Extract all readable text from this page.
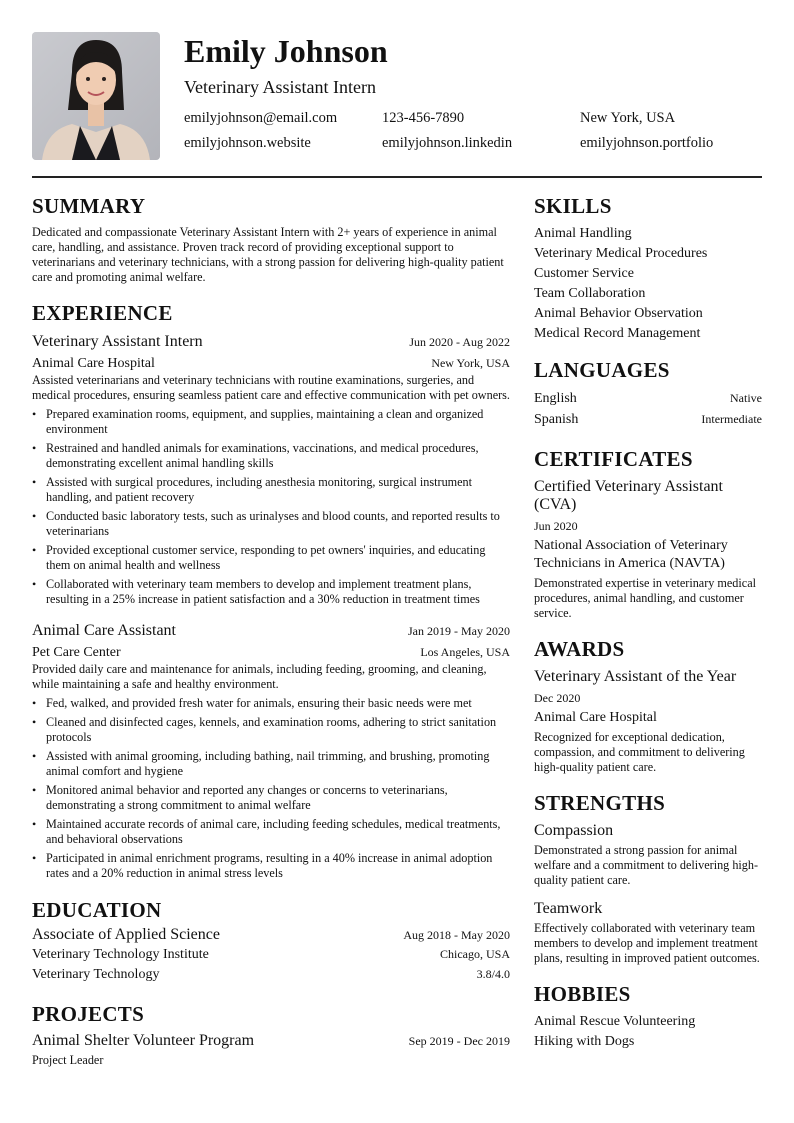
Emily Johnson
Veterinary Assistant Intern
emilyjohnson@email.com	123-456-7890	New York, USA
emilyjohnson.website	emilyjohnson.linkedin	emilyjohnson.portfolio
SUMMARY
Dedicated and compassionate Veterinary Assistant Intern with 2+ years of experience in animal care, handling, and assistance. Proven track record of providing exceptional support to veterinarians and veterinary technicians, with a strong passion for delivering high-quality patient care and promoting animal welfare.
EXPERIENCE
Veterinary Assistant Intern	Jun 2020 - Aug 2022
Animal Care Hospital	New York, USA
Assisted veterinarians and veterinary technicians with routine examinations, surgeries, and medical procedures, ensuring seamless patient care and effective communication with pet owners.
• Prepared examination rooms, equipment, and supplies, maintaining a clean and organized environment
• Restrained and handled animals for examinations, vaccinations, and medical procedures, demonstrating excellent animal handling skills
• Assisted with surgical procedures, including anesthesia monitoring, surgical instrument handling, and patient recovery
• Conducted basic laboratory tests, such as urinalyses and blood counts, and reported results to veterinarians
• Provided exceptional customer service, responding to pet owners' inquiries, and educating them on animal health and wellness
• Collaborated with veterinary team members to develop and implement treatment plans, resulting in a 25% increase in patient satisfaction and a 30% reduction in treatment times
Animal Care Assistant	Jan 2019 - May 2020
Pet Care Center	Los Angeles, USA
Provided daily care and maintenance for animals, including feeding, grooming, and cleaning, while maintaining a safe and healthy environment.
• Fed, walked, and provided fresh water for animals, ensuring their basic needs were met
• Cleaned and disinfected cages, kennels, and examination rooms, adhering to strict sanitation protocols
• Assisted with animal grooming, including bathing, nail trimming, and brushing, promoting animal comfort and hygiene
• Monitored animal behavior and reported any changes or concerns to veterinarians, demonstrating a strong commitment to animal welfare
• Maintained accurate records of animal care, including feeding schedules, medical treatments, and behavioral observations
• Participated in animal enrichment programs, resulting in a 40% increase in animal adoption rates and a 20% reduction in animal stress levels
EDUCATION
Associate of Applied Science	Aug 2018 - May 2020
Veterinary Technology Institute	Chicago, USA
Veterinary Technology	3.8/4.0
PROJECTS
Animal Shelter Volunteer Program	Sep 2019 - Dec 2019
Project Leader
SKILLS
Animal Handling
Veterinary Medical Procedures
Customer Service
Team Collaboration
Animal Behavior Observation
Medical Record Management
LANGUAGES
English	Native
Spanish	Intermediate
CERTIFICATES
Certified Veterinary Assistant (CVA)
Jun 2020
National Association of Veterinary Technicians in America (NAVTA)
Demonstrated expertise in veterinary medical procedures, animal handling, and customer service.
AWARDS
Veterinary Assistant of the Year
Dec 2020
Animal Care Hospital
Recognized for exceptional dedication, compassion, and commitment to delivering high-quality patient care.
STRENGTHS
Compassion
Demonstrated a strong passion for animal welfare and a commitment to delivering high-quality patient care.
Teamwork
Effectively collaborated with veterinary team members to develop and implement treatment plans, resulting in improved patient outcomes.
HOBBIES
Animal Rescue Volunteering
Hiking with Dogs
